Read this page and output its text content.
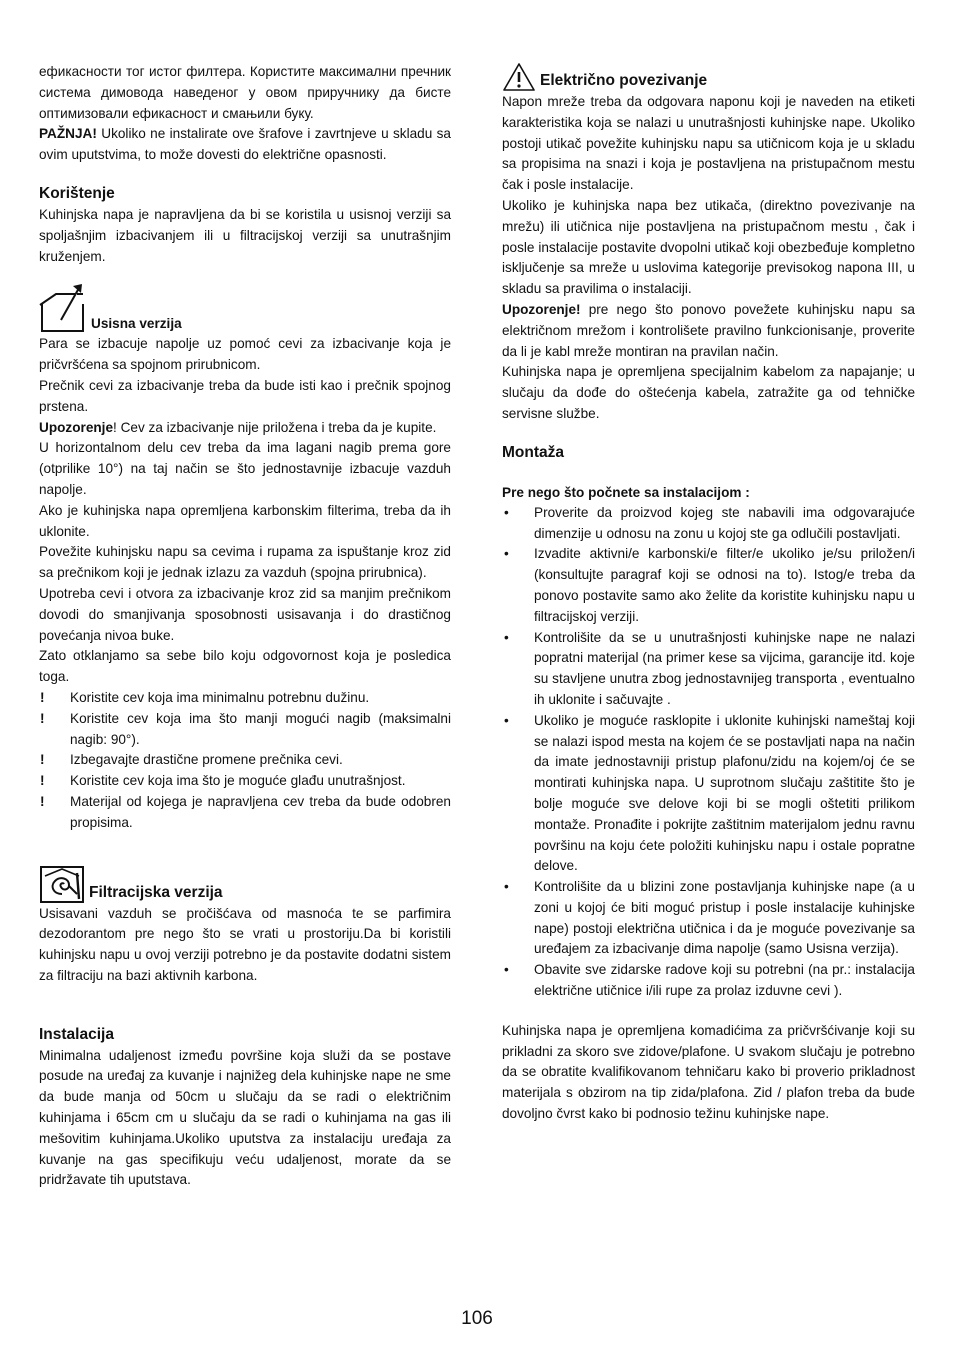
ефикасности тог истог филтера. Користите максимални пречник система димовода наведеног у овом приручнику да бисте оптимизовали ефикасност и смањили буку.

PAŽNJA! Ukoliko ne instalirate ove šrafove i zavrtnjeve u skladu sa ovim uputstvima, to može dovesti do električne opasnosti.

Korištenje

Kuhinjska napa je napravljena da bi se koristila u usisnoj verziji sa spoljašnjim izbacivanjem ili u filtracijskoj verziji sa unutrašnjim kruženjem.

Usisna verzija

Para se izbacuje napolje uz pomoć cevi za izbacivanje koja je pričvršćena sa spojnom prirubnicom.

Prečnik cevi za izbacivanje treba da bude isti kao i prečnik spojnog prstena.

Upozorenje! Cev za izbacivanje nije priložena i treba da je kupite.

U horizontalnom delu cev treba da ima lagani nagib prema gore (otprilike 10°) na taj način se što jednostavnije izbacuje vazduh napolje.

Ako je kuhinjska napa opremljena karbonskim filterima, treba da ih uklonite.

Povežite kuhinjsku napu sa cevima i rupama za ispuštanje kroz zid sa prečnikom koji je jednak izlazu za vazduh (spojna prirubnica).

Upotreba cevi i otvora za izbacivanje kroz zid sa manjim prečnikom dovodi do smanjivanja sposobnosti usisavanja i do drastičnog povećanja nivoa buke.

Zato otklanjamo sa sebe bilo koju odgovornost koja je posledica toga.

! Koristite cev koja ima minimalnu potrebnu dužinu.
! Koristite cev koja ima što manji mogući nagib (maksimalni nagib: 90°).
! Izbegavajte drastične promene prečnika cevi.
! Koristite cev koja ima što je moguće glađu unutrašnjost.
! Materijal od kojega je napravljena cev treba da bude odobren propisima.
Filtracijska verzija

Usisavani vazduh se pročišćava od masnoća te se parfimira dezodorantom pre nego što se vrati u prostoriju.Da bi koristili kuhinjsku napu u ovoj verziji potrebno je da postavite dodatni sistem za filtraciju na bazi aktivnih karbona.

Instalacija

Minimalna udaljenost između površine koja služi da se postave posude na uređaj za kuvanje i najnižeg dela kuhinjske nape ne sme da bude manja od 50cm u slučaju da se radi o električnim kuhinjama i 65cm cm u slučaju da se radi o kuhinjama na gas ili mešovitim kuhinjama.Ukoliko uputstva za instalaciju uređaja za kuvanje na gas specifikuju veću udaljenost, morate da se pridržavate tih uputstava.

Električno povezivanje

Napon mreže treba da odgovara naponu koji je naveden na etiketi karakteristika koja se nalazi u unutrašnjosti kuhinjske nape. Ukoliko postoji utikač povežite kuhinjsku napu sa utičnicom koja je u skladu sa propisima na snazi i koja je postavljena na pristupačnom mestu čak i posle instalacije.

Ukoliko je kuhinjska napa bez utikača, (direktno povezivanje na mrežu) ili utičnica nije postavljena na pristupačnom mestu , čak i posle instalacije postavite dvopolni utikač koji obezbeđuje kompletno isključenje sa mreže u uslovima kategorije previsokog napona III, u skladu sa pravilima o instalaciji.

Upozorenje! pre nego što ponovo povežete kuhinjsku napu sa električnom mrežom i kontrolišete pravilno funkcionisanje, proverite da li je kabl mreže montiran na pravilan način.

Kuhinjska napa je opremljena specijalnim kabelom za napajanje; u slučaju da dođe do oštećenja kabela, zatražite ga od tehničke servisne službe.

Montaža
Pre nego što počnete sa instalacijom :
• Proverite da proizvod kojeg ste nabavili ima odgovarajuće dimenzije u odnosu na zonu u kojoj ste ga odlučili postavljati.
• Izvadite aktivni/e karbonski/e filter/e ukoliko je/su priložen/i (konsultujte paragraf koji se odnosi na to). Istog/e treba da ponovo postavite samo ako želite da koristite kuhinjsku napu u filtracijskoj verziji.
• Kontrolišite da se u unutrašnjosti kuhinjske nape ne nalazi popratni materijal (na primer kese sa vijcima, garancije itd. koje su stavljene unutra zbog jednostavnijeg transporta , eventualno ih uklonite i sačuvajte .
• Ukoliko je moguće rasklopite i uklonite kuhinjski nameštaj koji se nalazi ispod mesta na kojem će se postavljati napa na način da imate jednostavniji pristup plafonu/zidu na kojem/oj će se montirati kuhinjska napa. U suprotnom slučaju zaštitite što je bolje moguće sve delove koji bi se mogli oštetiti prilikom montaže. Pronađite i pokrijte zaštitnim materijalom jednu ravnu površinu na koju ćete položiti kuhinjsku napu i ostale popratne delove.
• Kontrolišite da u blizini zone postavljanja kuhinjske nape (a u zoni u kojoj će biti moguć pristup i posle instalacije kuhinjske nape) postoji električna utičnica i da je moguće povezivanje sa uređajem za izbacivanje dima napolje (samo Usisna verzija).
• Obavite sve zidarske radove koji su potrebni (na pr.: instalacija električne utičnice i/ili rupe za prolaz izduvne cevi ).

Kuhinjska napa je opremljena komadićima za pričvršćivanje koji su prikladni za skoro sve zidove/plafone. U svakom slučaju je potrebno da se obratite kvalifikovanom tehničaru kako bi proverio prikladnost materijala s obzirom na tip zida/plafona. Zid / plafon treba da bude dovoljno čvrst kako bi podnosio težinu kuhinjske nape.

106
